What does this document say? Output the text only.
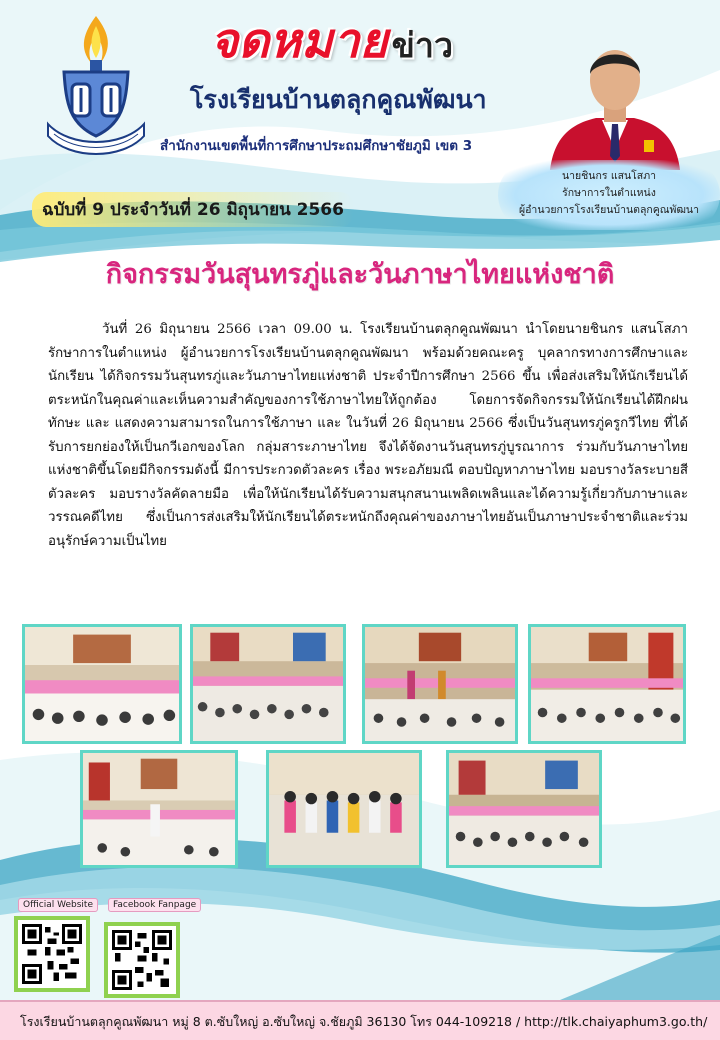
จดหมาย ข่าว
โรงเรียนบ้านตลุกคูณพัฒนา
สำนักงานเขตพื้นที่การศึกษาประถมศึกษาชัยภูมิ เขต 3
ฉบับที่ 9 ประจำวันที่ 26 มิถุนายน 2566
นายชินกร แสนโสภา
รักษาการในตำแหน่ง
ผู้อำนวยการโรงเรียนบ้านตลุกคูณพัฒนา
กิจกรรมวันสุนทรภู่และวันภาษาไทยแห่งชาติ
วันที่ 26 มิถุนายน 2566 เวลา 09.00 น. โรงเรียนบ้านตลุกคูณพัฒนา นำโดยนายชินกร แสนโสภา รักษาการในตำแหน่ง ผู้อำนวยการโรงเรียนบ้านตลุกคูณพัฒนา พร้อมด้วยคณะครู บุคลากรทางการศึกษาและนักเรียน ได้กิจกรรมวันสุนทรภู่และวันภาษาไทยแห่งชาติ ประจำปีการศึกษา 2566 ขึ้น เพื่อส่งเสริมให้นักเรียนได้ตระหนักในคุณค่าและเห็นความสำคัญของการใช้ภาษาไทยให้ถูกต้อง โดยการจัดกิจกรรมให้นักเรียนได้ฝึกฝนทักษะ และ แสดงความสามารถในการใช้ภาษา และ ในวันที่ 26 มิถุนายน 2566 ซึ่งเป็นวันสุนทรภู่ครูกวีไทย ที่ได้รับการยกย่องให้เป็นกวีเอกของโลก กลุ่มสาระภาษาไทย จึงได้จัดงานวันสุนทรภู่บูรณาการ ร่วมกับวันภาษาไทยแห่งชาติขึ้นโดยมีกิจกรรมดังนี้ มีการประกวดตัวละคร เรื่อง พระอภัยมณี ตอบปัญหาภาษาไทย มอบรางวัลระบายสีตัวละคร มอบรางวัลคัดลายมือ เพื่อให้นักเรียนได้รับความสนุกสนานเพลิดเพลินและได้ความรู้เกี่ยวกับภาษาและวรรณคดีไทย ซึ่งเป็นการส่งเสริมให้นักเรียนได้ตระหนักถึงคุณค่าของภาษาไทยอันเป็นภาษาประจำชาติและร่วมอนุรักษ์ความเป็นไทย
Official Website	Facebook Fanpage
โรงเรียนบ้านตลุกคูณพัฒนา หมู่ 8 ต.ซับใหญ่ อ.ซับใหญ่ จ.ชัยภูมิ 36130 โทร 044-109218 / http://tlk.chaiyaphum3.go.th/
